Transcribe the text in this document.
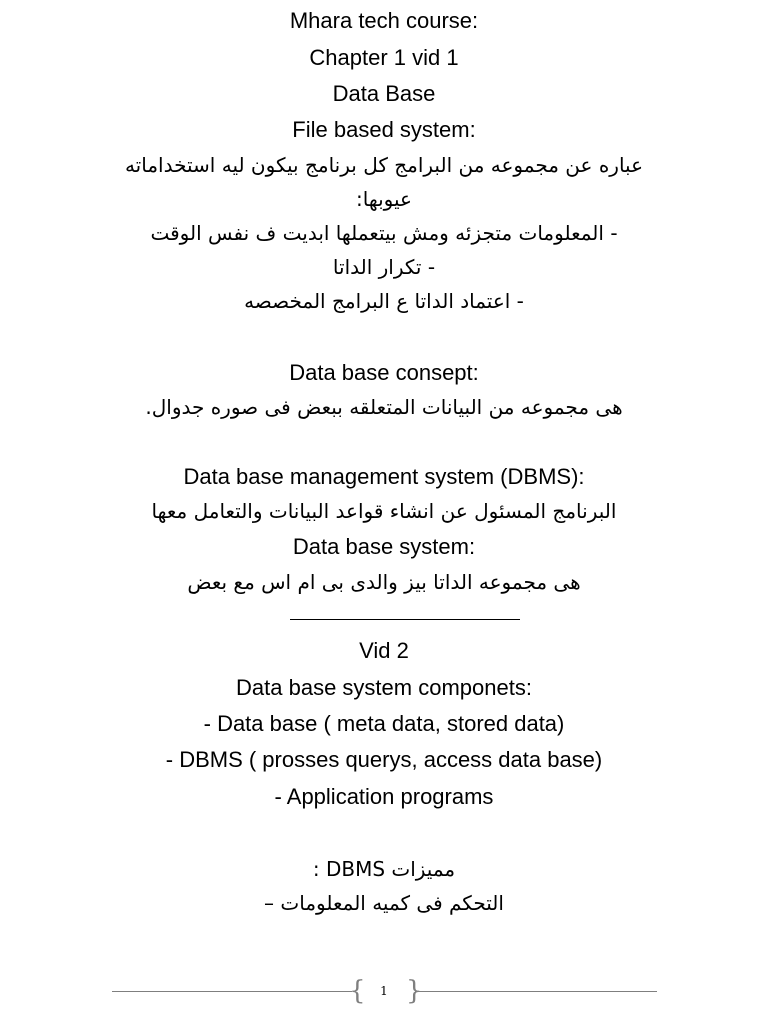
Mhara tech course:
Chapter 1 vid 1
Data Base
File based system:
عباره عن مجموعه من البرامج كل برنامج بيكون ليه استخداماته
عيوبها:
- المعلومات متجزئه ومش بيتعملها ابديت ف نفس الوقت
- تكرار الداتا
- اعتماد الداتا ع البرامج المخصصه
Data base consept:
هى مجموعه من البيانات المتعلقه ببعض فى صوره جدوال.
Data base management system (DBMS):
البرنامج المسئول عن انشاء قواعد البيانات والتعامل معها
Data base system:
هى مجموعه الداتا بيز والدى بى ام اس مع بعض
Vid 2
Data base system componets:
- Data base ( meta data, stored data)
- DBMS ( prosses querys, access data base)
- Application programs
: DBMS مميزات
التحكم فى كميه المعلومات –
{	1 }
